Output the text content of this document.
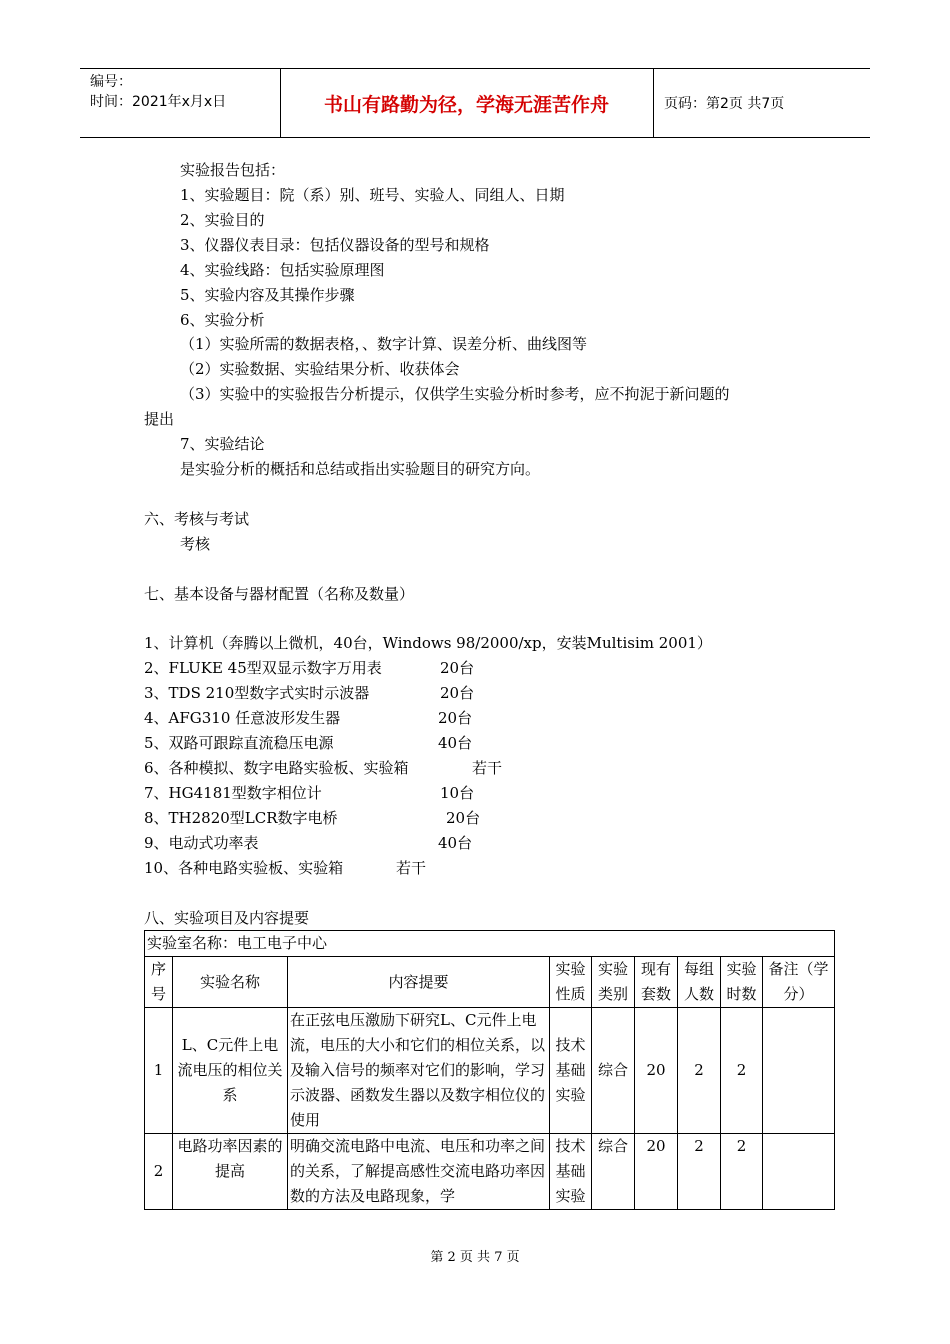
编号：
时间：2021年x月x日	书山有路勤为径，学海无涯苦作舟	页码：第2页 共7页
实验报告包括：
1、实验题目：院（系）别、班号、实验人、同组人、日期
2、实验目的
3、仪器仪表目录：包括仪器设备的型号和规格
4、实验线路：包括实验原理图
5、实验内容及其操作步骤
6、实验分析
（1）实验所需的数据表格，、数字计算、误差分析、曲线图等
（2）实验数据、实验结果分析、收获体会
（3）实验中的实验报告分析提示，仅供学生实验分析时参考，应不拘泥于新问题的
提出
7、实验结论
是实验分析的概括和总结或指出实验题目的研究方向。
六、考核与考试
考核
七、基本设备与器材配置（名称及数量）
1、计算机（奔腾以上微机，40台，Windows 98/2000/xp，安装Multisim 2001）
2、FLUKE 45型双显示数字万用表	20台
3、TDS 210型数字式实时示波器	20台
4、AFG310 任意波形发生器	20台
5、双路可跟踪直流稳压电源	40台
6、各种模拟、数字电路实验板、实验箱	若干
7、HG4181型数字相位计	10台
8、TH2820型LCR数字电桥	20台
9、电动式功率表	40台
10、各种电路实验板、实验箱	若干
八、实验项目及内容提要
实验室名称：电工电子中心								
序号	实验名称	内容提要	实验性质	实验类别	现有套数	每组人数	实验时数	备注（学分）
1	L、C元件上电流电压的相位关系	在正弦电压激励下研究L、C元件上电流，电压的大小和它们的相位关系，以及输入信号的频率对它们的影响，学习示波器、函数发生器以及数字相位仪的使用	技术基础实验	综合	20	2	2	
2	电路功率因素的提高	明确交流电路中电流、电压和功率之间的关系，了解提高感性交流电路功率因数的方法及电路现象，学	技术基础实验	综合	20	2	2	
第 2 页 共 7 页
